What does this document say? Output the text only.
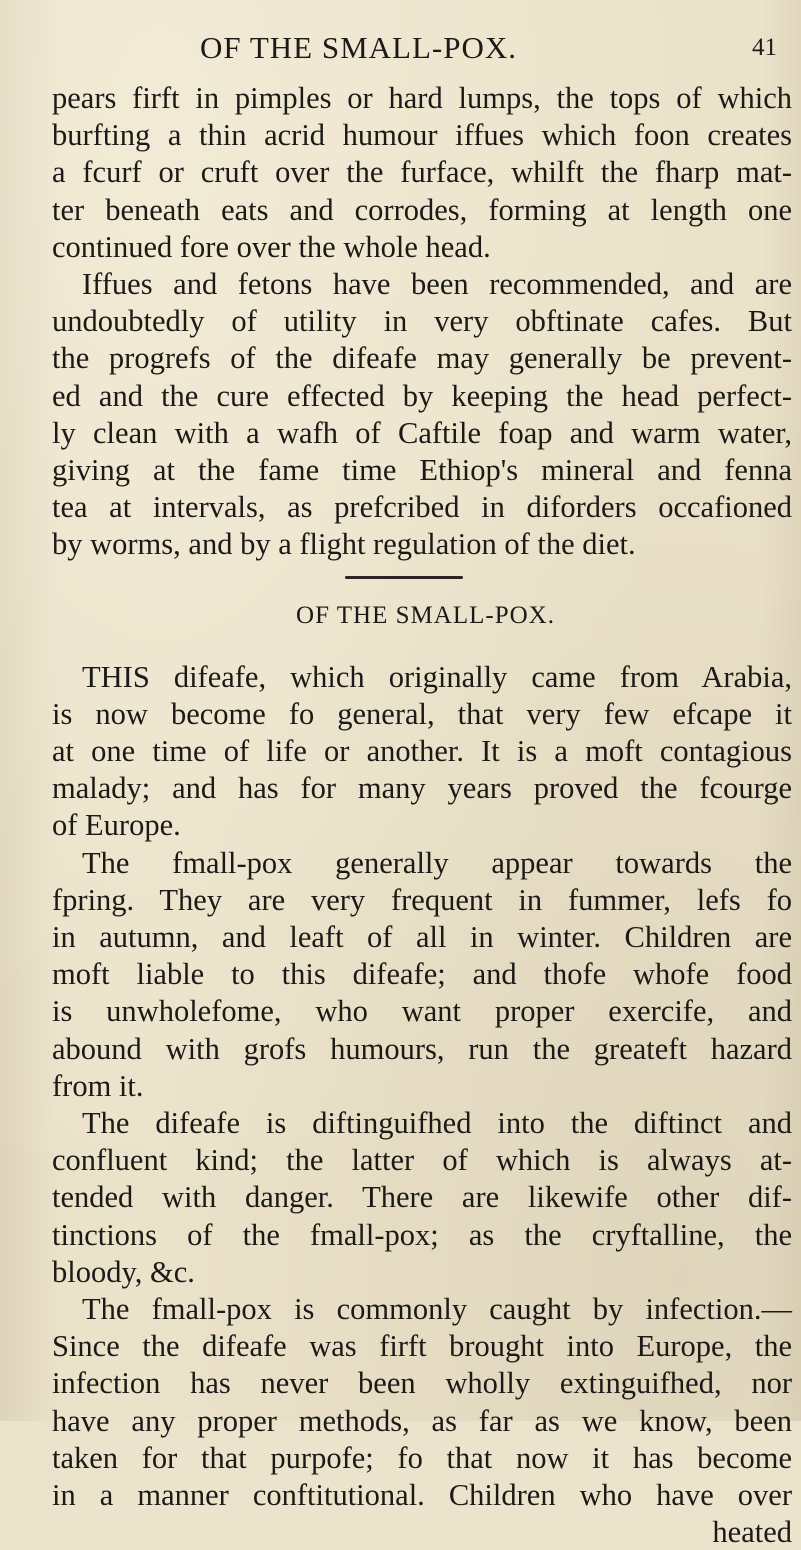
OF THE SMALL-POX.	41
pears firft in pimples or hard lumps, the tops of which
burfting a thin acrid humour iffues which foon creates
a fcurf or cruft over the furface, whilft the fharp mat-
ter beneath eats and corrodes, forming at length one
continued fore over the whole head.
Iffues and fetons have been recommended, and are
undoubtedly of utility in very obftinate cafes. But
the progrefs of the difeafe may generally be prevent-
ed and the cure effected by keeping the head perfect-
ly clean with a wafh of Caftile foap and warm water,
giving at the fame time Ethiop's mineral and fenna
tea at intervals, as prefcribed in diforders occafioned
by worms, and by a flight regulation of the diet.
OF THE SMALL-POX.
THIS difeafe, which originally came from Arabia,
is now become fo general, that very few efcape it
at one time of life or another. It is a moft contagious
malady; and has for many years proved the fcourge
of Europe.
The fmall-pox generally appear towards the
fpring. They are very frequent in fummer, lefs fo
in autumn, and leaft of all in winter. Children are
moft liable to this difeafe; and thofe whofe food
is unwholefome, who want proper exercife, and
abound with grofs humours, run the greateft hazard
from it.
The difeafe is diftinguifhed into the diftinct and
confluent kind; the latter of which is always at-
tended with danger. There are likewife other dif-
tinctions of the fmall-pox; as the cryftalline, the
bloody, &c.
The fmall-pox is commonly caught by infection.—
Since the difeafe was firft brought into Europe, the
infection has never been wholly extinguifhed, nor
have any proper methods, as far as we know, been
taken for that purpofe; fo that now it has become
in a manner conftitutional. Children who have over
heated
